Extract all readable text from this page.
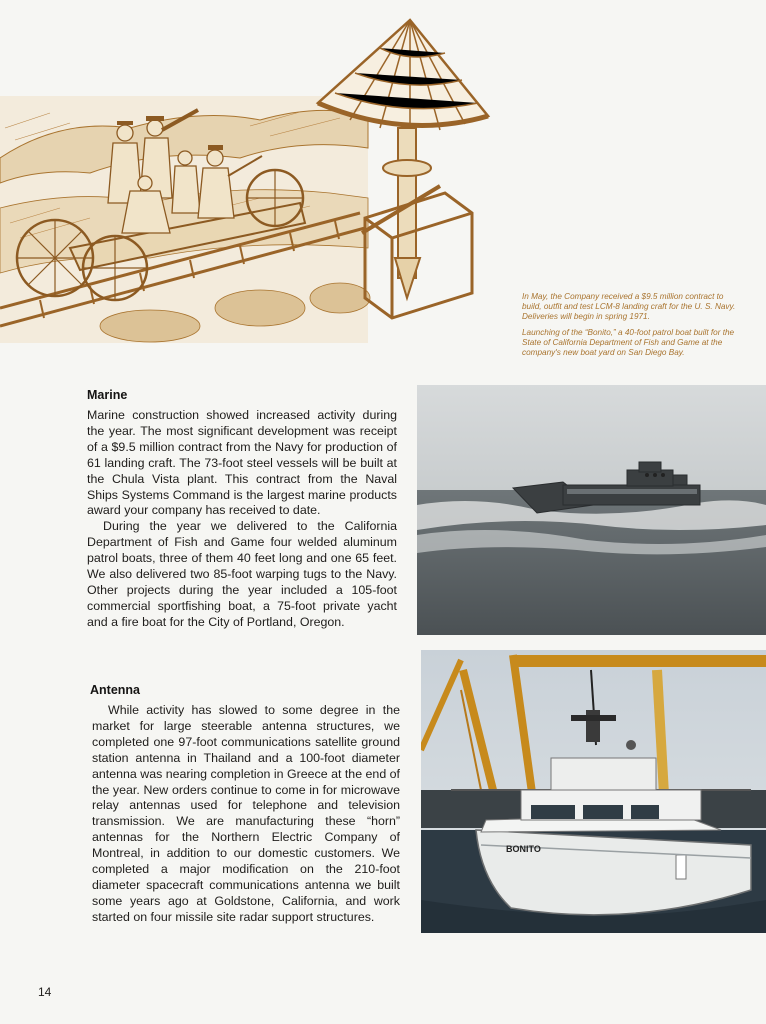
In May, the Company received a $9.5 million contract to build, outfit and test LCM-8 landing craft for the U. S. Navy. Deliveries will begin in spring 1971.

Launching of the “Bonito,” a 40-foot patrol boat built for the State of California Department of Fish and Game at the company's new boat yard on San Diego Bay.

Marine

Marine construction showed increased activity during the year. The most significant development was receipt of a $9.5 million contract from the Navy for production of 61 landing craft. The 73-foot steel vessels will be built at the Chula Vista plant. This contract from the Naval Ships Systems Command is the largest marine products award your company has received to date.

During the year we delivered to the California Department of Fish and Game four welded aluminum patrol boats, three of them 40 feet long and one 65 feet. We also delivered two 85-foot warping tugs to the Navy. Other projects during the year included a 105-foot commercial sportfishing boat, a 75-foot private yacht and a fire boat for the City of Portland, Oregon.

Antenna

While activity has slowed to some degree in the market for large steerable antenna structures, we completed one 97-foot communications satellite ground station antenna in Thailand and a 100-foot diameter antenna was nearing completion in Greece at the end of the year. New orders continue to come in for microwave relay antennas used for telephone and television transmission. We are manufacturing these “horn” antennas for the Northern Electric Company of Montreal, in addition to our domestic customers. We completed a major modification on the 210-foot diameter spacecraft communications antenna we built some years ago at Goldstone, California, and work started on four missile site radar support structures.

BONITO
14
